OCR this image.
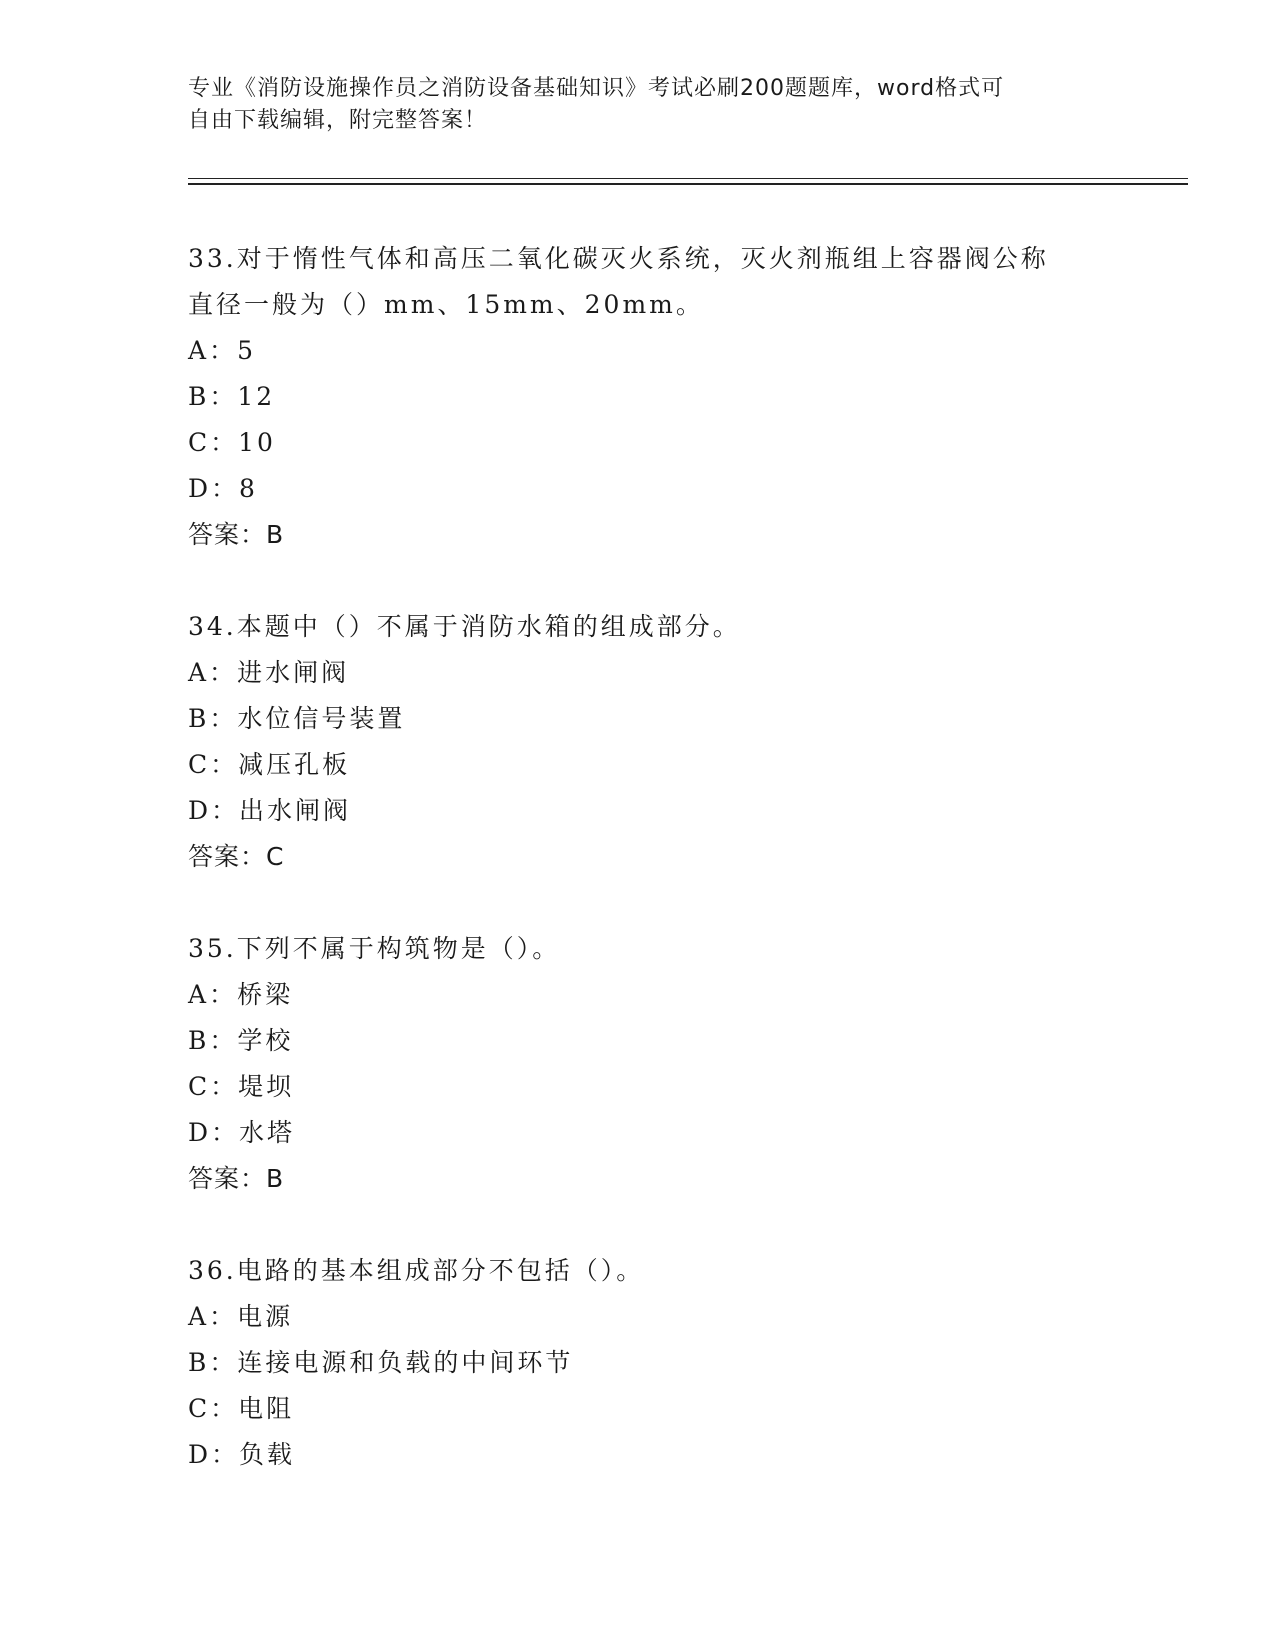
专业《消防设施操作员之消防设备基础知识》考试必刷200题题库，word格式可
自由下载编辑，附完整答案！
33.对于惰性气体和高压二氧化碳灭火系统，灭火剂瓶组上容器阀公称
直径一般为（）mm、15mm、20mm。
A：5
B：12
C：10
D：8
答案：B
34.本题中（）不属于消防水箱的组成部分。
A：进水闸阀
B：水位信号装置
C：减压孔板
D：出水闸阀
答案：C
35.下列不属于构筑物是（）。
A：桥梁
B：学校
C：堤坝
D：水塔
答案：B
36.电路的基本组成部分不包括（）。
A：电源
B：连接电源和负载的中间环节
C：电阻
D：负载
